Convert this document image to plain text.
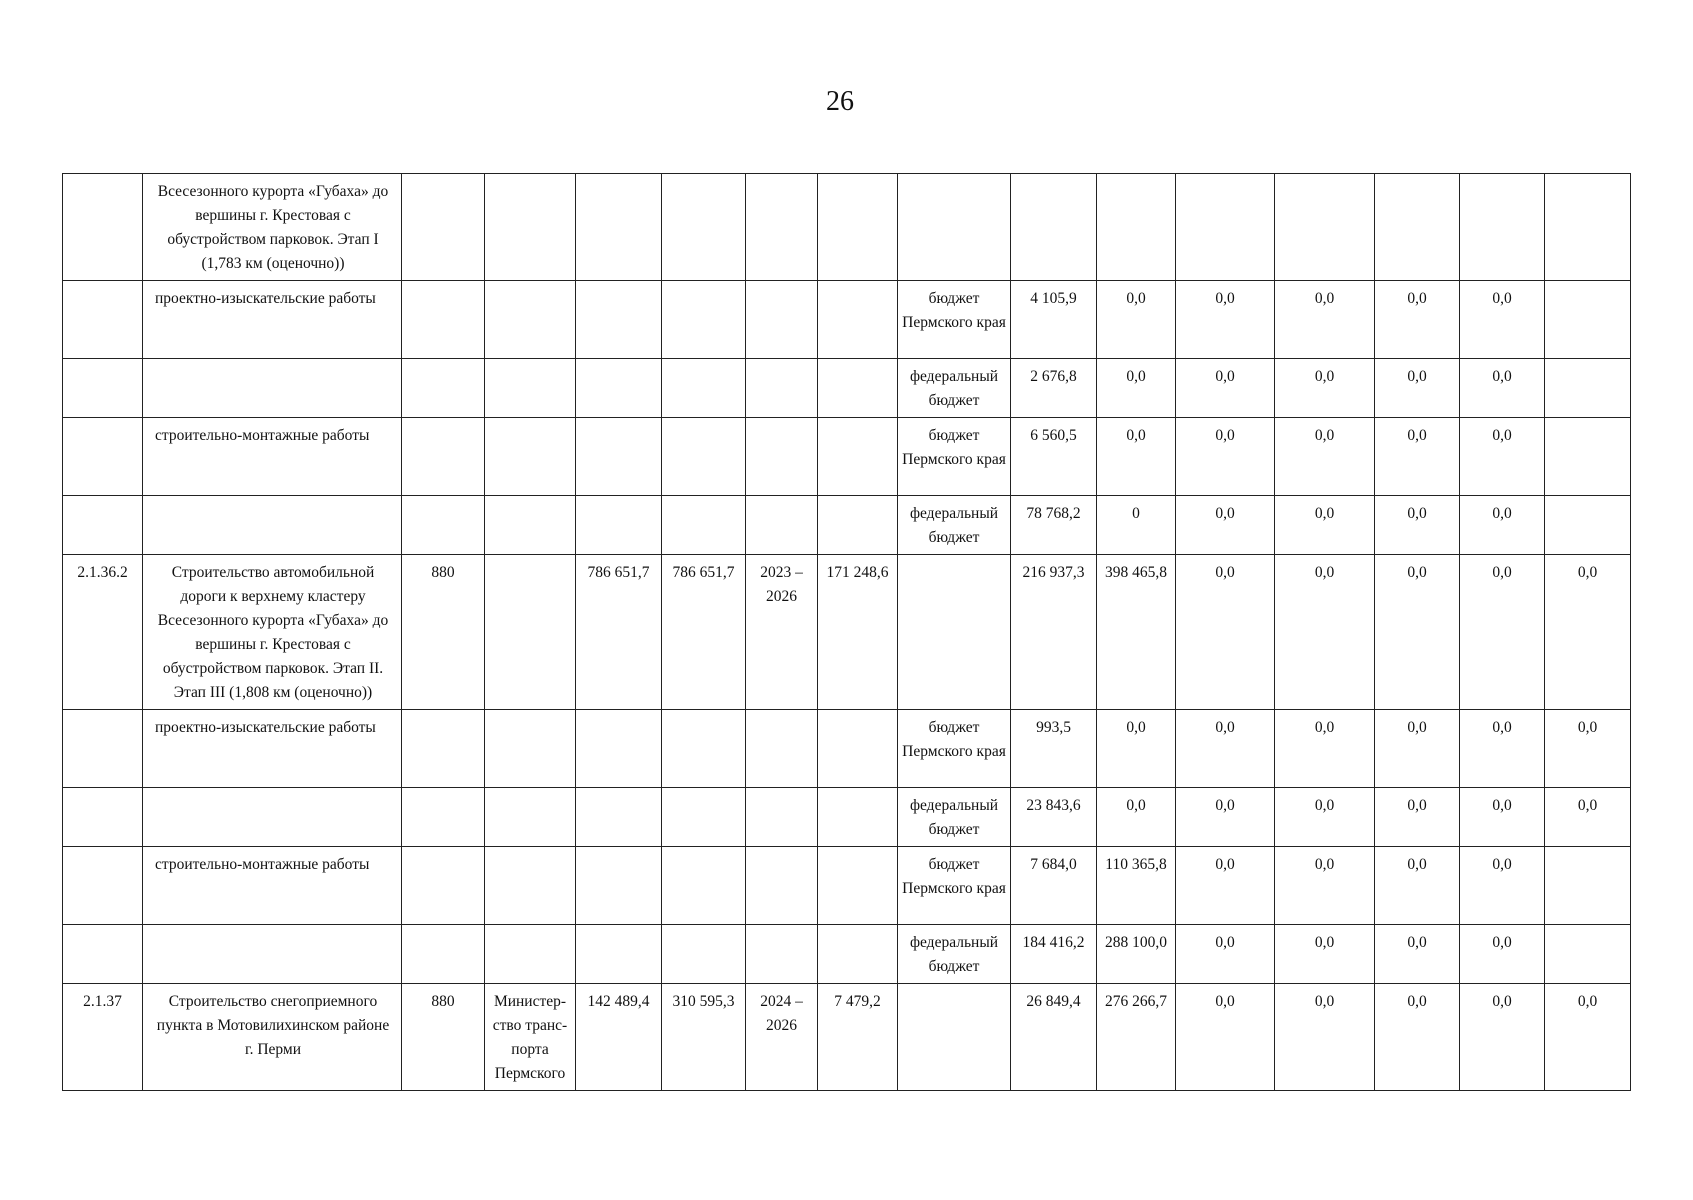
26
	Всесезонного курорта «Губаха» до вершины г. Крестовая с обустройством парковок. Этап I (1,783 км (оценочно))														
	проектно-изыскательские работы							бюджет Пермского края	4 105,9	0,0	0,0	0,0	0,0	0,0	
								федеральный бюджет	2 676,8	0,0	0,0	0,0	0,0	0,0	
	строительно-монтажные работы							бюджет Пермского края	6 560,5	0,0	0,0	0,0	0,0	0,0	
								федеральный бюджет	78 768,2	0	0,0	0,0	0,0	0,0	
2.1.36.2	Строительство автомобильной дороги к верхнему кластеру Всесезонного курорта «Губаха» до вершины г. Крестовая с обустройством парковок. Этап II. Этап III (1,808 км (оценочно))	880		786 651,7	786 651,7	2023 – 2026	171 248,6		216 937,3	398 465,8	0,0	0,0	0,0	0,0	0,0
	проектно-изыскательские работы							бюджет Пермского края	993,5	0,0	0,0	0,0	0,0	0,0	0,0
								федеральный бюджет	23 843,6	0,0	0,0	0,0	0,0	0,0	0,0
	строительно-монтажные работы							бюджет Пермского края	7 684,0	110 365,8	0,0	0,0	0,0	0,0	
								федеральный бюджет	184 416,2	288 100,0	0,0	0,0	0,0	0,0	
2.1.37	Строительство снегоприемного пункта в Мотовилихинском районе г. Перми	880	Министер-ство транс-порта Пермского	142 489,4	310 595,3	2024 – 2026	7 479,2		26 849,4	276 266,7	0,0	0,0	0,0	0,0	0,0
